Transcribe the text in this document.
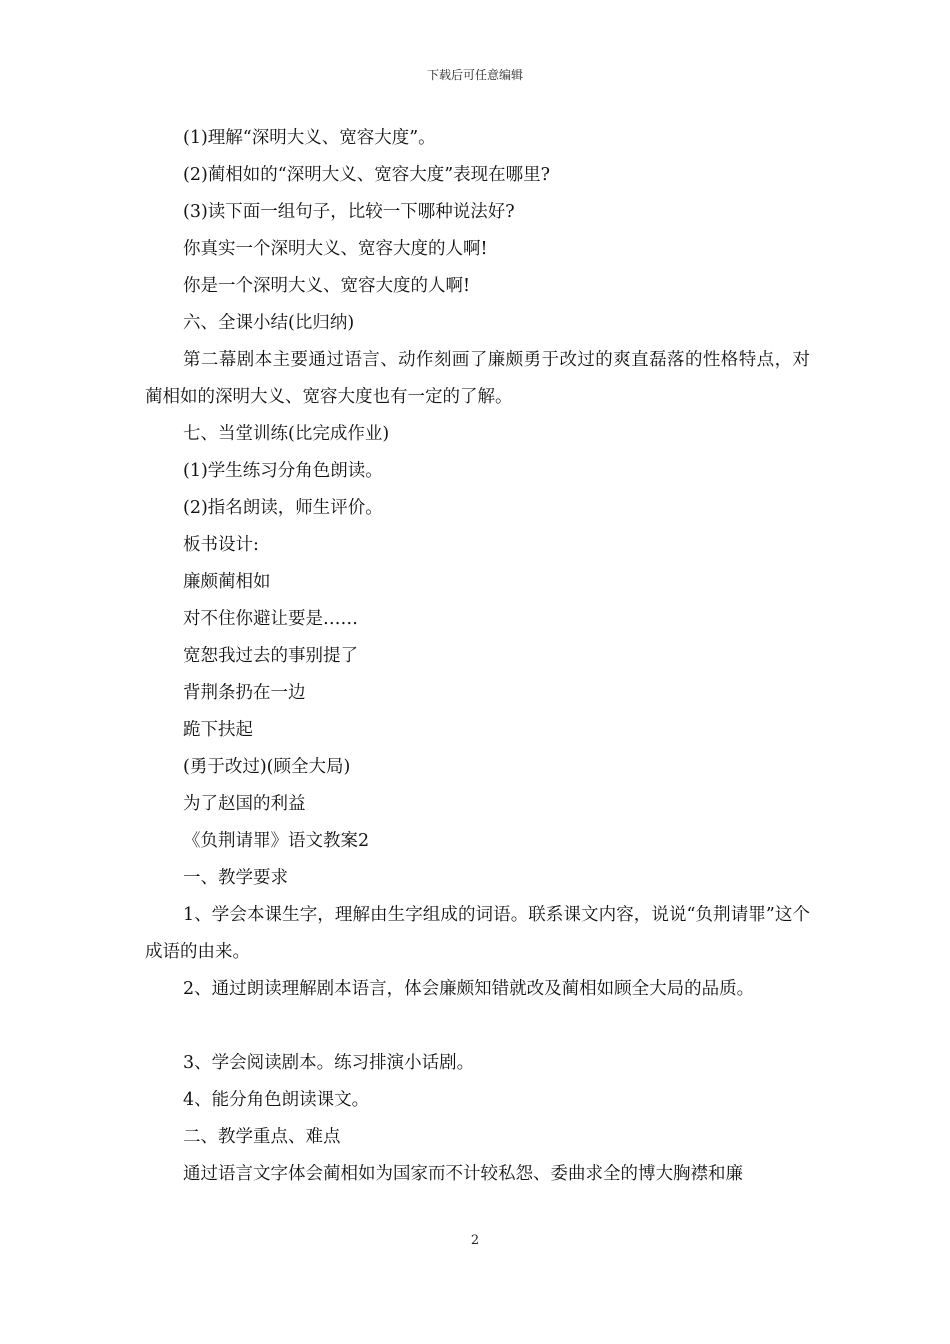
下载后可任意编辑
(1)理解“深明大义、宽容大度”。
(2)蔺相如的“深明大义、宽容大度”表现在哪里?
(3)读下面一组句子，比较一下哪种说法好?
你真实一个深明大义、宽容大度的人啊!
你是一个深明大义、宽容大度的人啊!
六、全课小结(比归纳)
第二幕剧本主要通过语言、动作刻画了廉颇勇于改过的爽直磊落的性格特点，对蔺相如的深明大义、宽容大度也有一定的了解。
七、当堂训练(比完成作业)
(1)学生练习分角色朗读。
(2)指名朗读，师生评价。
板书设计:
廉颇蔺相如
对不住你避让要是……
宽恕我过去的事别提了
背荆条扔在一边
跪下扶起
(勇于改过)(顾全大局)
为了赵国的利益
《负荆请罪》语文教案2
一、教学要求
1、学会本课生字，理解由生字组成的词语。联系课文内容，说说“负荆请罪”这个成语的由来。
2、通过朗读理解剧本语言，体会廉颇知错就改及蔺相如顾全大局的品质。
3、学会阅读剧本。练习排演小话剧。
4、能分角色朗读课文。
二、教学重点、难点
通过语言文字体会蔺相如为国家而不计较私怨、委曲求全的博大胸襟和廉
2
